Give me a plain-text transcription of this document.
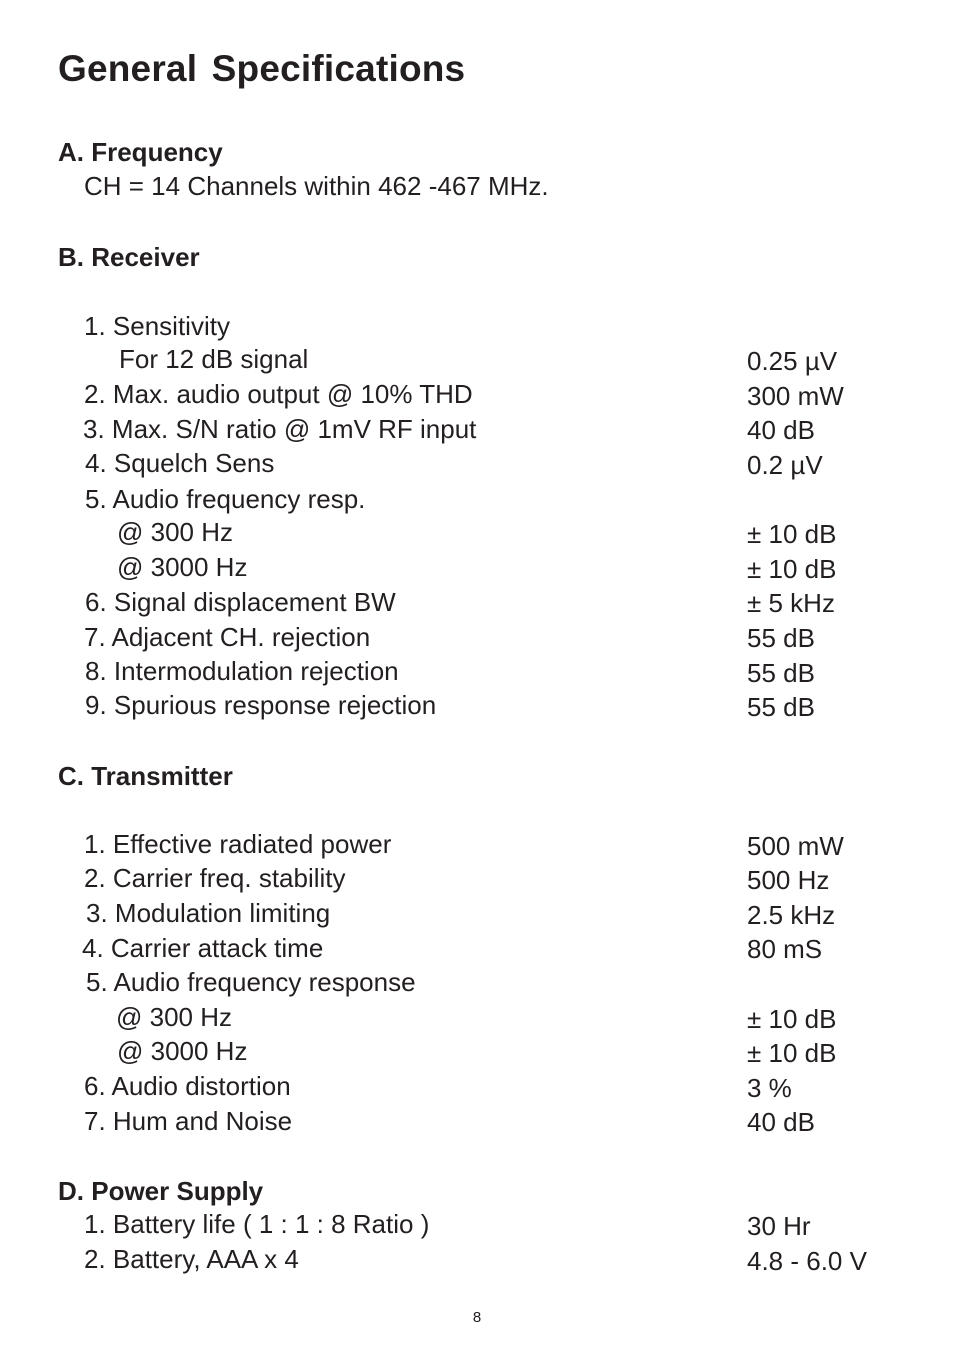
General Specifications
A. Frequency
CH = 14 Channels within 462 -467 MHz.
B. Receiver
1. Sensitivity
For 12 dB signal	0.25 µV
2. Max. audio output @ 10% THD	300 mW
3. Max. S/N ratio @ 1mV RF input	40 dB
4. Squelch Sens	0.2 µV
5. Audio frequency resp.
@ 300 Hz	± 10 dB
@ 3000 Hz	± 10 dB
6. Signal displacement BW	± 5 kHz
7. Adjacent CH. rejection	55 dB
8. Intermodulation rejection	55 dB
9. Spurious response rejection	55 dB
C. Transmitter
1. Effective radiated power	500 mW
2. Carrier freq. stability	500 Hz
3. Modulation limiting	2.5 kHz
4. Carrier attack time	80 mS
5. Audio frequency response
@ 300 Hz	± 10 dB
@ 3000 Hz	± 10 dB
6. Audio distortion	3 %
7. Hum and Noise	40 dB
D. Power Supply
1. Battery life ( 1 : 1 : 8 Ratio )	30 Hr
2. Battery, AAA x 4	4.8 - 6.0 V
8
